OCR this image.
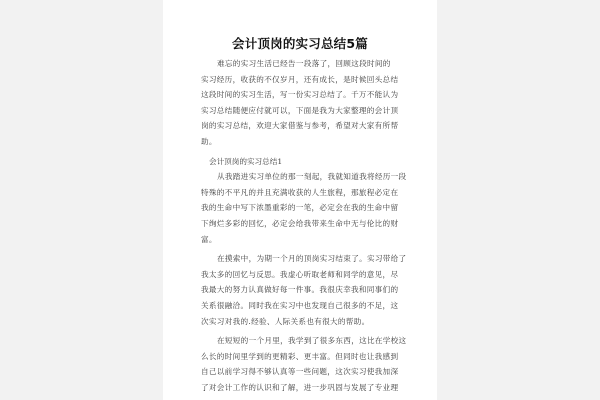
会计顶岗的实习总结5篇
难忘的实习生活已经告一段落了，回顾这段时间的
实习经历，收获的不仅岁月，还有成长，是时候回头总结
这段时间的实习生活，写一份实习总结了。千万不能认为
实习总结随便应付就可以，下面是我为大家整理的会计顶
岗的实习总结，欢迎大家借鉴与参考，希望对大家有所帮
助。
会计顶岗的实习总结1
从我踏进实习单位的那一刻起，我就知道我将经历一段
特殊的不平凡的并且充满收获的人生旅程，那旅程必定在
我的生命中写下浓墨重彩的一笔，必定会在我的生命中留
下绚烂多彩的回忆，必定会给我带来生命中无与伦比的财
富。
在摸索中，为期一个月的顶岗实习结束了。实习带给了
我太多的回忆与反思。我虚心听取老师和同学的意见，尽
我最大的努力认真做好每一件事。我很庆幸我和同事们的
关系很融洽。同时我在实习中也发现自己很多的不足，这
次实习对我的.经验、人际关系也有很大的帮助。
在短短的一个月里，我学到了很多东西，这比在学校这
么长的时间里学到的更精彩、更丰富。但同时也让我感到
自己以前学习得不够认真等一些问题，这次实习使我加深
了对会计工作的认识和了解，进一步巩固与发展了专业理
